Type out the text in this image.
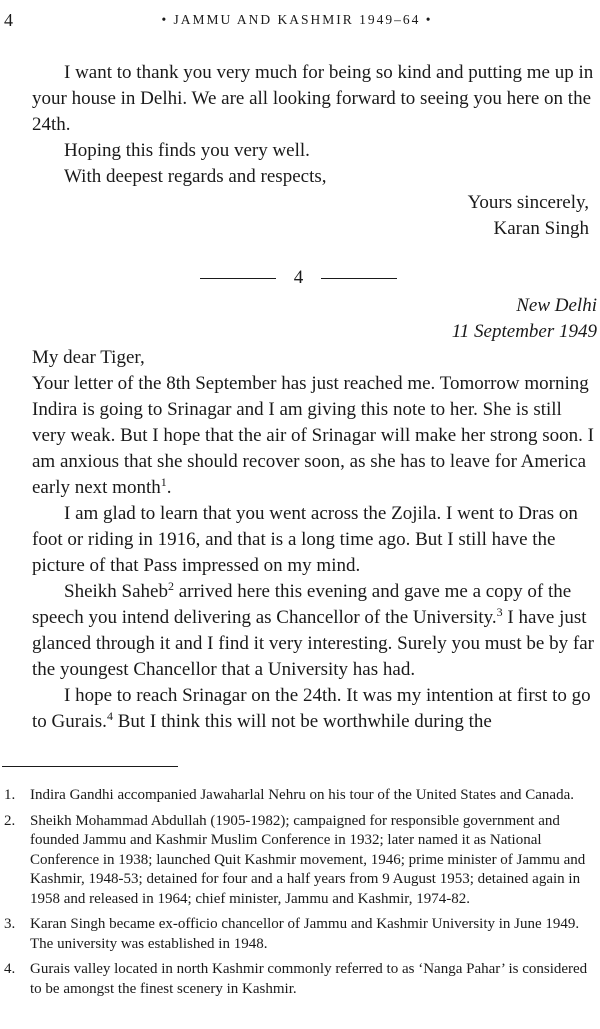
4	• JAMMU AND KASHMIR 1949–64 •

I want to thank you very much for being so kind and putting me up in your house in Delhi. We are all looking forward to seeing you here on the 24th.

Hoping this finds you very well.

With deepest regards and respects,

Yours sincerely,

Karan Singh

4

New Delhi

11 September 1949

My dear Tiger,

Your letter of the 8th September has just reached me. Tomorrow morning Indira is going to Srinagar and I am giving this note to her. She is still very weak. But I hope that the air of Srinagar will make her strong soon. I am anxious that she should recover soon, as she has to leave for America early next month$^1$.

I am glad to learn that you went across the Zojila. I went to Dras on foot or riding in 1916, and that is a long time ago. But I still have the picture of that Pass impressed on my mind.

Sheikh Saheb$^2$ arrived here this evening and gave me a copy of the speech you intend delivering as Chancellor of the University.$^3$ I have just glanced through it and I find it very interesting. Surely you must be by far the youngest Chancellor that a University has had.

I hope to reach Srinagar on the 24th. It was my intention at first to go to Gurais.$^4$ But I think this will not be worthwhile during the

1. Indira Gandhi accompanied Jawaharlal Nehru on his tour of the United States and Canada.
2. Sheikh Mohammad Abdullah (1905-1982); campaigned for responsible government and founded Jammu and Kashmir Muslim Conference in 1932; later named it as National Conference in 1938; launched Quit Kashmir movement, 1946; prime minister of Jammu and Kashmir, 1948-53; detained for four and a half years from 9 August 1953; detained again in 1958 and released in 1964; chief minister, Jammu and Kashmir, 1974-82.
3. Karan Singh became ex-officio chancellor of Jammu and Kashmir University in June 1949. The university was established in 1948.
4. Gurais valley located in north Kashmir commonly referred to as ‘Nanga Pahar’ is considered to be amongst the finest scenery in Kashmir.
